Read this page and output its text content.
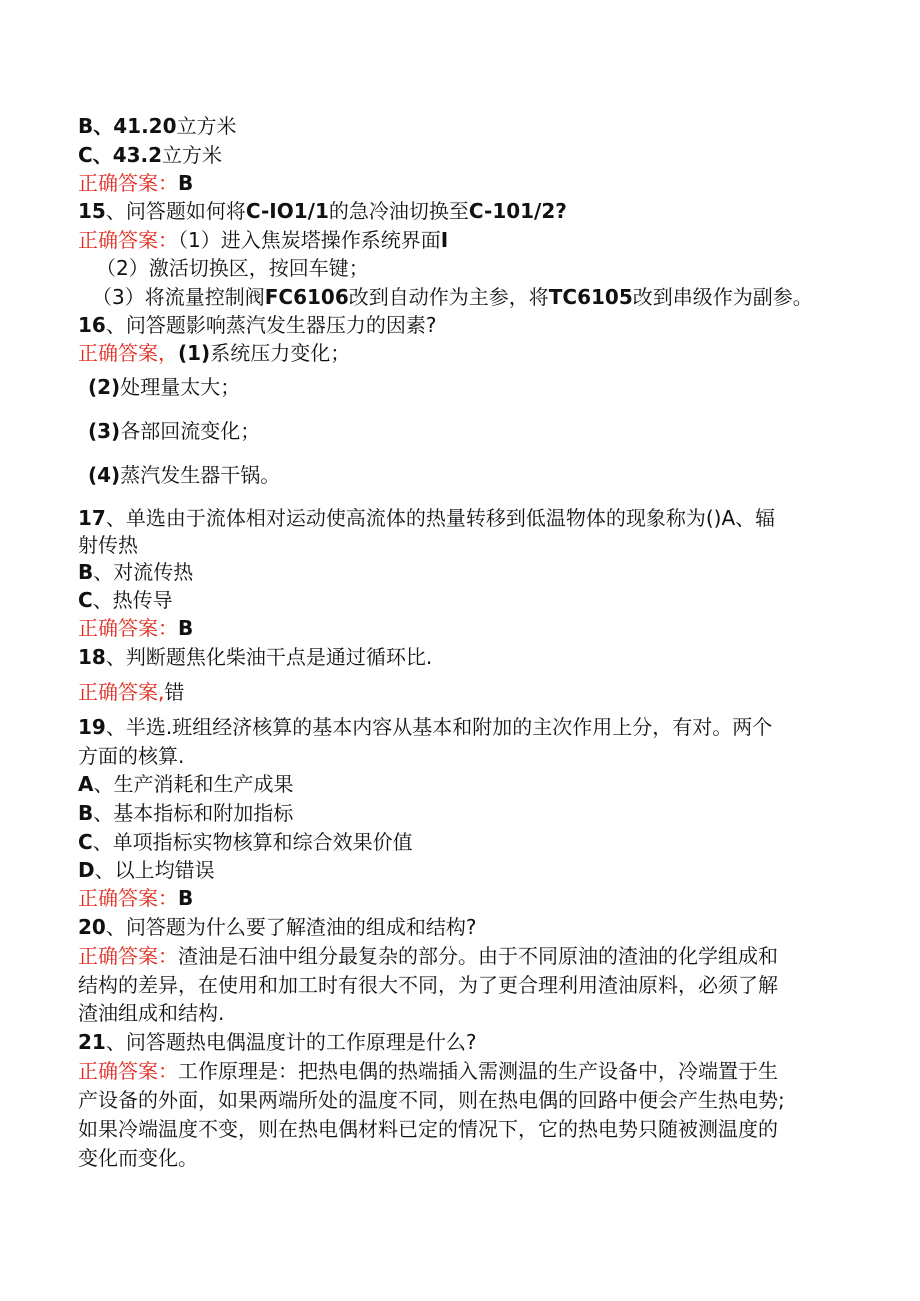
B、41.20立方米
C、43.2立方米
正确答案：B
15、问答题如何将C-IO1/1的急冷油切换至C-101/2?
正确答案：（1）进入焦炭塔操作系统界面I
（2）激活切换区，按回车键；
（3）将流量控制阀FC6106改到自动作为主参，将TC6105改到串级作为副参。
16、问答题影响蒸汽发生器压力的因素?
正确答案，(1)系统压力变化；
(2)处理量太大；
(3)各部回流变化；
(4)蒸汽发生器干锅。
17、单选由于流体相对运动使高流体的热量转移到低温物体的现象称为()A、辐
射传热
B、对流传热
C、热传导
正确答案：B
18、判断题焦化柴油干点是通过循环比.
正确答案,错
19、半选.班组经济核算的基本内容从基本和附加的主次作用上分，有对。两个
方面的核算.
A、生产消耗和生产成果
B、基本指标和附加指标
C、单项指标实物核算和综合效果价值
D、以上均错误
正确答案：B
20、问答题为什么要了解渣油的组成和结构?
正确答案：渣油是石油中组分最复杂的部分。由于不同原油的渣油的化学组成和
结构的差异，在使用和加工时有很大不同，为了更合理利用渣油原料，必须了解
渣油组成和结构.
21、问答题热电偶温度计的工作原理是什么?
正确答案：工作原理是：把热电偶的热端插入需测温的生产设备中，冷端置于生
产设备的外面，如果两端所处的温度不同，则在热电偶的回路中便会产生热电势;
如果冷端温度不变，则在热电偶材料已定的情况下，它的热电势只随被测温度的
变化而变化。
